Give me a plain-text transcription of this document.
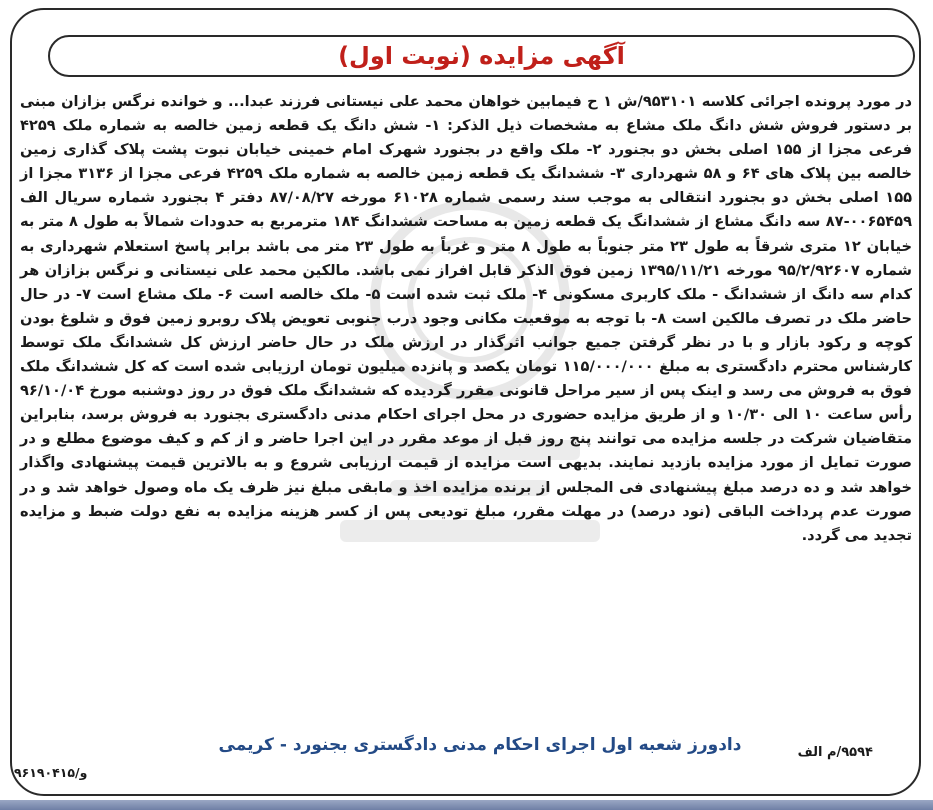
آگهی مزایده (نوبت اول)

در مورد پرونده اجرائی کلاسه ۹۵۳۱۰۱/ش ۱ ح فیمابین خواهان محمد علی نیستانی فرزند عبدا... و خوانده نرگس بزازان مبنی بر دستور فروش شش دانگ ملک مشاع به مشخصات ذیل الذکر: ۱- شش دانگ یک قطعه زمین خالصه به شماره ملک ۴۲۵۹ فرعی مجزا از ۱۵۵ اصلی بخش دو بجنورد ۲- ملک واقع در بجنورد شهرک امام خمینی خیابان نبوت پشت پلاک گذاری زمین خالصه بین پلاک های ۶۴ و ۵۸ شهرداری ۳- ششدانگ یک قطعه زمین خالصه به شماره ملک ۴۲۵۹ فرعی مجزا از ۳۱۳۶ مجزا از ۱۵۵ اصلی بخش دو بجنورد انتقالی به موجب سند رسمی شماره ۶۱۰۲۸ مورخه ۸۷/۰۸/۲۷ دفتر ۴ بجنورد شماره سریال الف ۰۰۶۵۴۵۹-۸۷ سه دانگ مشاع از ششدانگ یک قطعه زمین به مساحت ششدانگ ۱۸۴ مترمربع به حدودات شمالاً به طول ۸ متر به خیابان ۱۲ متری شرقاً به طول ۲۳ متر جنوباً به طول ۸ متر و غرباً به طول ۲۳ متر می باشد برابر پاسخ استعلام شهرداری به شماره ۹۵/۲/۹۲۶۰۷ مورخه ۱۳۹۵/۱۱/۲۱ زمین فوق الذکر قابل افراز نمی باشد. مالکین محمد علی نیستانی و نرگس بزازان هر کدام سه دانگ از ششدانگ - ملک کاربری مسکونی ۴- ملک ثبت شده است ۵- ملک خالصه است ۶- ملک مشاع است ۷- در حال حاضر ملک در تصرف مالکین است ۸- با توجه به موقعیت مکانی وجود درب جنوبی تعویض پلاک روبرو زمین فوق و شلوغ بودن کوچه و رکود بازار و با در نظر گرفتن جمیع جوانب اثرگذار در ارزش ملک در حال حاضر ارزش کل ششدانگ ملک توسط کارشناس محترم دادگستری به مبلغ ۱۱۵/۰۰۰/۰۰۰ تومان یکصد و پانزده میلیون تومان ارزیابی شده است که کل ششدانگ ملک فوق به فروش می رسد و اینک پس از سیر مراحل قانونی مقرر گردیده که ششدانگ ملک فوق در روز دوشنبه مورخ ۹۶/۱۰/۰۴ رأس ساعت ۱۰ الی ۱۰/۳۰ و از طریق مزایده حضوری در محل اجرای احکام مدنی دادگستری بجنورد به فروش برسد، بنابراین متقاضیان شرکت در جلسه مزایده می توانند پنج روز قبل از موعد مقرر در این اجرا حاضر و از کم و کیف موضوع مطلع و در صورت تمایل از مورد مزایده بازدید نمایند. بدیهی است مزایده از قیمت ارزیابی شروع و به بالاترین قیمت پیشنهادی واگذار خواهد شد و ده درصد مبلغ پیشنهادی فی المجلس از برنده مزایده اخذ و مابقی مبلغ نیز ظرف یک ماه وصول خواهد شد و در صورت عدم پرداخت الباقی (نود درصد) در مهلت مقرر، مبلغ تودیعی پس از کسر هزینه مزایده به نفع دولت ضبط و مزایده تجدید می گردد.

دادورز شعبه اول اجرای احکام مدنی دادگستری بجنورد - کریمی	۹۵۹۴/م الف
و/۹۶۱۹۰۴۱۵
